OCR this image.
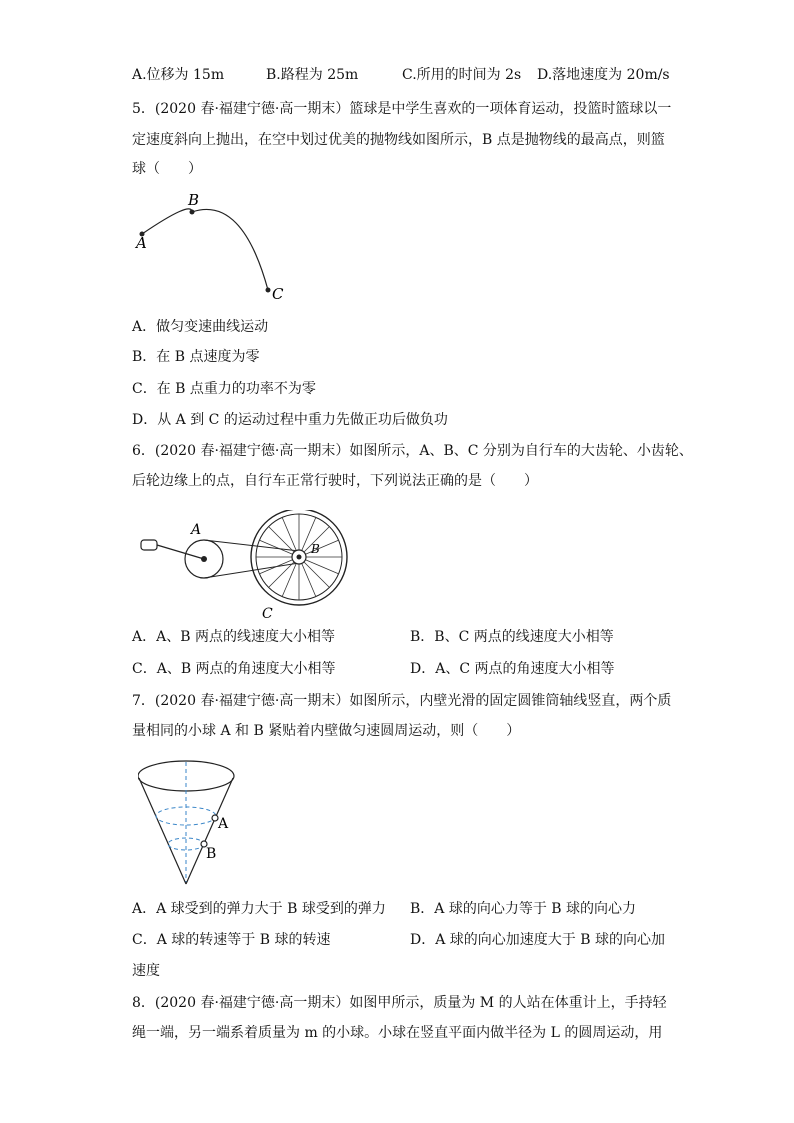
A.位移为 15m	B.路程为 25m	C.所用的时间为 2s D.落地速度为 20m/s
5．(2020 春·福建宁德·高一期末）篮球是中学生喜欢的一项体育运动，投篮时篮球以一
定速度斜向上抛出，在空中划过优美的抛物线如图所示，B 点是抛物线的最高点，则篮
球（　　）
A
B
C
A．做匀变速曲线运动
B．在 B 点速度为零
C．在 B 点重力的功率不为零
D．从 A 到 C 的运动过程中重力先做正功后做负功
6．(2020 春·福建宁德·高一期末）如图所示，A、B、C 分别为自行车的大齿轮、小齿轮、
后轮边缘上的点，自行车正常行驶时，下列说法正确的是（　　）
A
B
C
A．A、B 两点的线速度大小相等	B．B、C 两点的线速度大小相等
C．A、B 两点的角速度大小相等	D．A、C 两点的角速度大小相等
7．(2020 春·福建宁德·高一期末）如图所示，内壁光滑的固定圆锥筒轴线竖直，两个质
量相同的小球 A 和 B 紧贴着内壁做匀速圆周运动，则（　　）
A
B
A．A 球受到的弹力大于 B 球受到的弹力 B．A 球的向心力等于 B 球的向心力
C．A 球的转速等于 B 球的转速	D．A 球的向心加速度大于 B 球的向心加
速度
8．(2020 春·福建宁德·高一期末）如图甲所示，质量为 M 的人站在体重计上，手持轻
绳一端，另一端系着质量为 m 的小球。小球在竖直平面内做半径为 L 的圆周运动，用
